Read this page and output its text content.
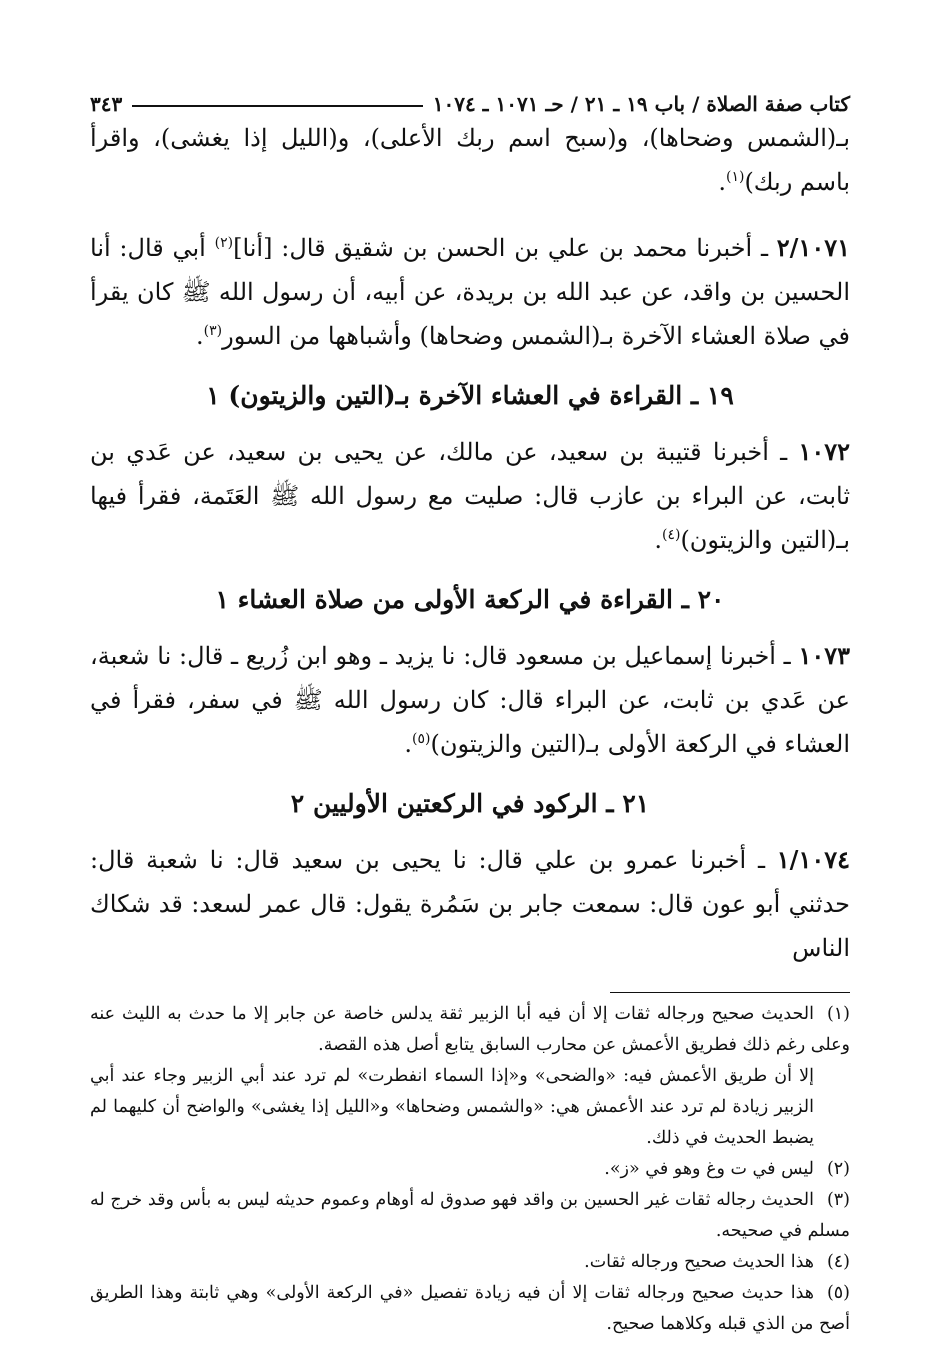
كتاب صفة الصلاة / باب ١٩ ـ ٢١ / حـ ١٠٧١ ـ ١٠٧٤
٣٤٣

بـ(الشمس وضحاها)، و(سبح اسم ربك الأعلى)، و(الليل إذا يغشى)، واقرأ باسم ربك)$^{(١)}$.

٢/١٠٧١ ـ أخبرنا محمد بن علي بن الحسن بن شقيق قال: [أنا]$^{(٢)}$ أبي قال: أنا الحسين بن واقد، عن عبد الله بن بريدة، عن أبيه، أن رسول الله ﷺ كان يقرأ في صلاة العشاء الآخرة بـ(الشمس وضحاها) وأشباهها من السور$^{(٣)}$.

١٩ ـ القراءة في العشاء الآخرة بـ(التين والزيتون) ١

١٠٧٢ ـ أخبرنا قتيبة بن سعيد، عن مالك، عن يحيى بن سعيد، عن عَدي بن ثابت، عن البراء بن عازب قال: صليت مع رسول الله ﷺ العَتَمة، فقرأ فيها بـ(التين والزيتون)$^{(٤)}$.

٢٠ ـ القراءة في الركعة الأولى من صلاة العشاء ١

١٠٧٣ ـ أخبرنا إسماعيل بن مسعود قال: نا يزيد ـ وهو ابن زُريع ـ قال: نا شعبة، عن عَدي بن ثابت، عن البراء قال: كان رسول الله ﷺ في سفر، فقرأ في العشاء في الركعة الأولى بـ(التين والزيتون)$^{(٥)}$.

٢١ ـ الركود في الركعتين الأوليين ٢

١/١٠٧٤ ـ أخبرنا عمرو بن علي قال: نا يحيى بن سعيد قال: نا شعبة قال: حدثني أبو عون قال: سمعت جابر بن سَمُرة يقول: قال عمر لسعد: قد شكاك الناس

(١)الحديث صحيح ورجاله ثقات إلا أن فيه أبا الزبير ثقة يدلس خاصة عن جابر إلا ما حدث به الليث عنه وعلى رغم ذلك فطريق الأعمش عن محارب السابق يتابع أصل هذه القصة.

إلا أن طريق الأعمش فيه: «والضحى» و«إذا السماء انفطرت» لم ترد عند أبي الزبير وجاء عند أبي الزبير زيادة لم ترد عند الأعمش هي: «والشمس وضحاها» و«الليل إذا يغشى» والواضح أن كليهما لم يضبط الحديث في ذلك.

(٢)ليس في ت وغ وهو في «ز».

(٣)الحديث رجاله ثقات غير الحسين بن واقد فهو صدوق له أوهام وعموم حديثه ليس به بأس وقد خرج له مسلم في صحيحه.

(٤)هذا الحديث صحيح ورجاله ثقات.

(٥)هذا حديث صحيح ورجاله ثقات إلا أن فيه زيادة تفصيل «في الركعة الأولى» وهي ثابتة وهذا الطريق أصح من الذي قبله وكلاهما صحيح.
